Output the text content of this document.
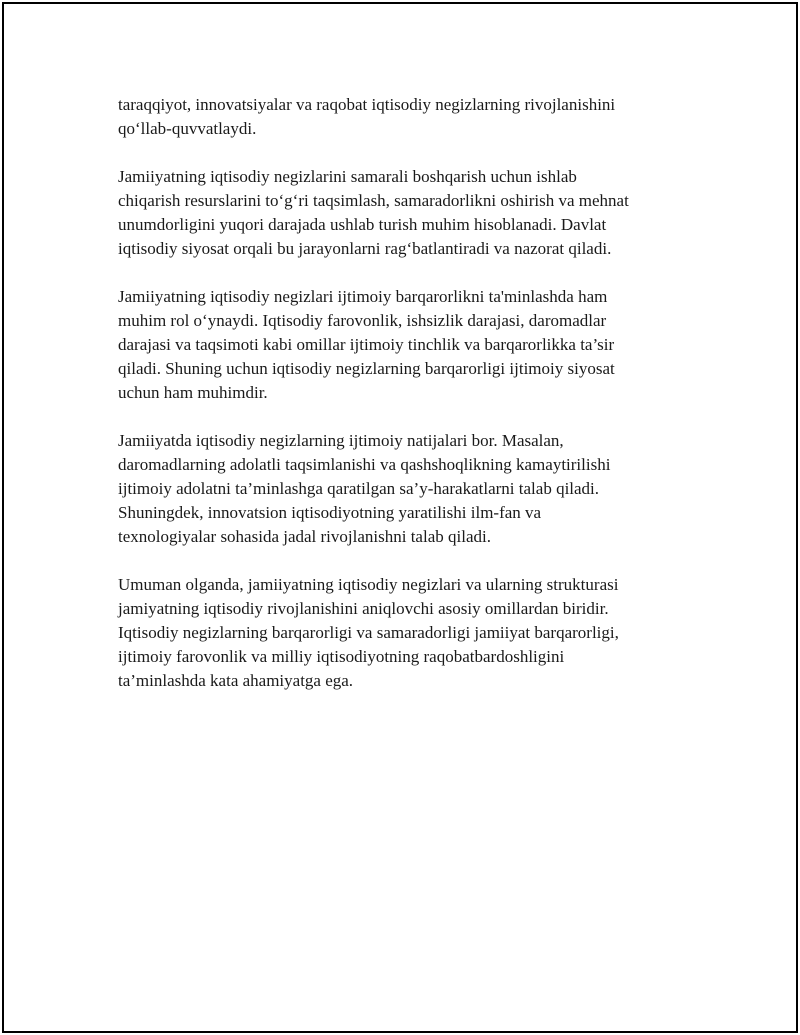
taraqqiyot, innovatsiyalar va raqobat iqtisodiy negizlarning rivojlanishini
qo‘llab-quvvatlaydi.

Jamiiyatning iqtisodiy negizlarini samarali boshqarish uchun ishlab
chiqarish resurslarini to‘g‘ri taqsimlash, samaradorlikni oshirish va mehnat
unumdorligini yuqori darajada ushlab turish muhim hisoblanadi. Davlat
iqtisodiy siyosat orqali bu jarayonlarni rag‘batlantiradi va nazorat qiladi.

Jamiiyatning iqtisodiy negizlari ijtimoiy barqarorlikni ta'minlashda ham
muhim rol o‘ynaydi. Iqtisodiy farovonlik, ishsizlik darajasi, daromadlar
darajasi va taqsimoti kabi omillar ijtimoiy tinchlik va barqarorlikka ta’sir
qiladi. Shuning uchun iqtisodiy negizlarning barqarorligi ijtimoiy siyosat
uchun ham muhimdir.

Jamiiyatda iqtisodiy negizlarning ijtimoiy natijalari bor. Masalan,
daromadlarning adolatli taqsimlanishi va qashshoqlikning kamaytirilishi
ijtimoiy adolatni ta’minlashga qaratilgan sa’y-harakatlarni talab qiladi.
Shuningdek, innovatsion iqtisodiyotning yaratilishi ilm-fan va
texnologiyalar sohasida jadal rivojlanishni talab qiladi.

Umuman olganda, jamiiyatning iqtisodiy negizlari va ularning strukturasi
jamiyatning iqtisodiy rivojlanishini aniqlovchi asosiy omillardan biridir.
Iqtisodiy negizlarning barqarorligi va samaradorligi jamiiyat barqarorligi,
ijtimoiy farovonlik va milliy iqtisodiyotning raqobatbardoshligini
ta’minlashda kata ahamiyatga ega.
